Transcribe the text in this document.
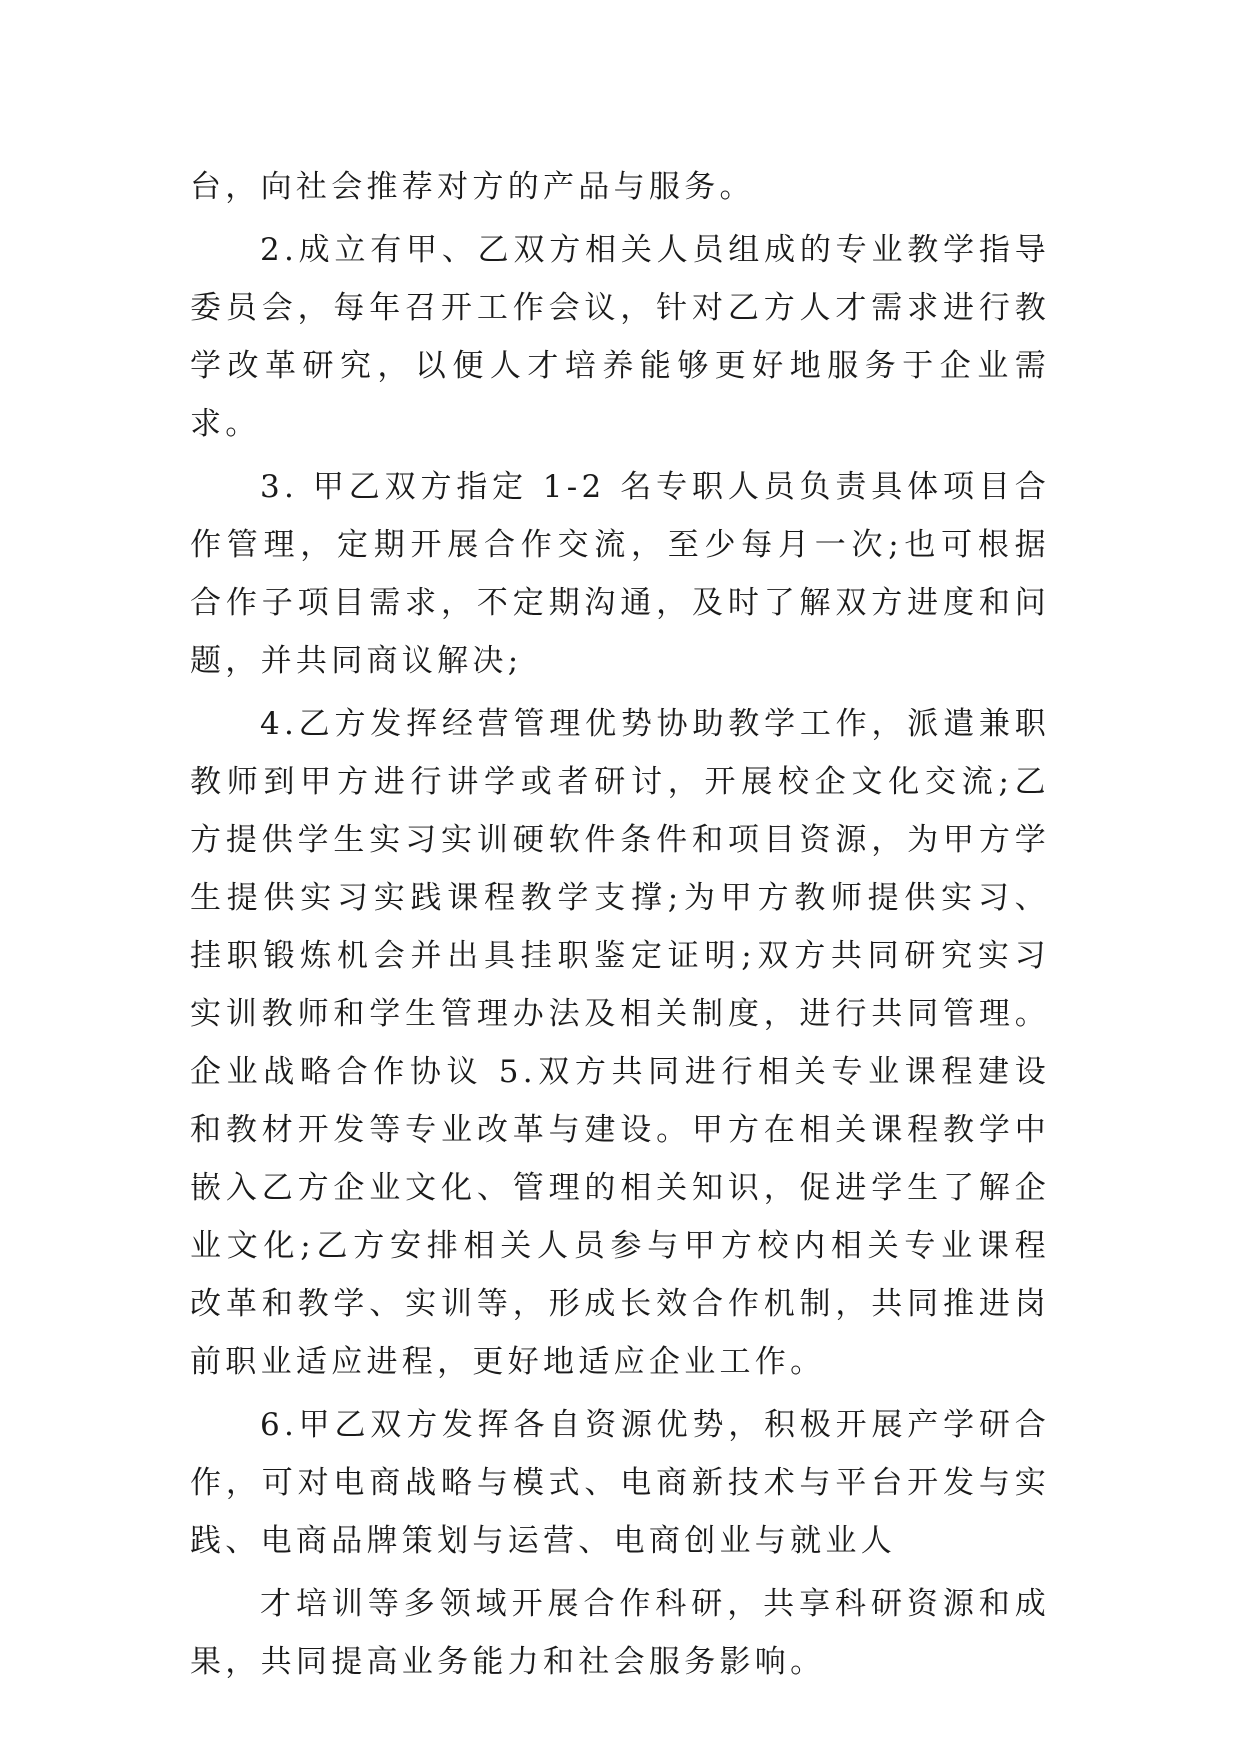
台，向社会推荐对方的产品与服务。

2.成立有甲、乙双方相关人员组成的专业教学指导委员会，每年召开工作会议，针对乙方人才需求进行教学改革研究，以便人才培养能够更好地服务于企业需求。

3. 甲乙双方指定 1-2 名专职人员负责具体项目合作管理，定期开展合作交流，至少每月一次;也可根据合作子项目需求，不定期沟通，及时了解双方进度和问题，并共同商议解决;

4.乙方发挥经营管理优势协助教学工作，派遣兼职教师到甲方进行讲学或者研讨，开展校企文化交流;乙方提供学生实习实训硬软件条件和项目资源，为甲方学生提供实习实践课程教学支撑;为甲方教师提供实习、挂职锻炼机会并出具挂职鉴定证明;双方共同研究实习实训教师和学生管理办法及相关制度，进行共同管理。企业战略合作协议 5.双方共同进行相关专业课程建设和教材开发等专业改革与建设。甲方在相关课程教学中嵌入乙方企业文化、管理的相关知识，促进学生了解企业文化;乙方安排相关人员参与甲方校内相关专业课程改革和教学、实训等，形成长效合作机制，共同推进岗前职业适应进程，更好地适应企业工作。

6.甲乙双方发挥各自资源优势，积极开展产学研合作，可对电商战略与模式、电商新技术与平台开发与实践、电商品牌策划与运营、电商创业与就业人

才培训等多领域开展合作科研，共享科研资源和成果，共同提高业务能力和社会服务影响。
